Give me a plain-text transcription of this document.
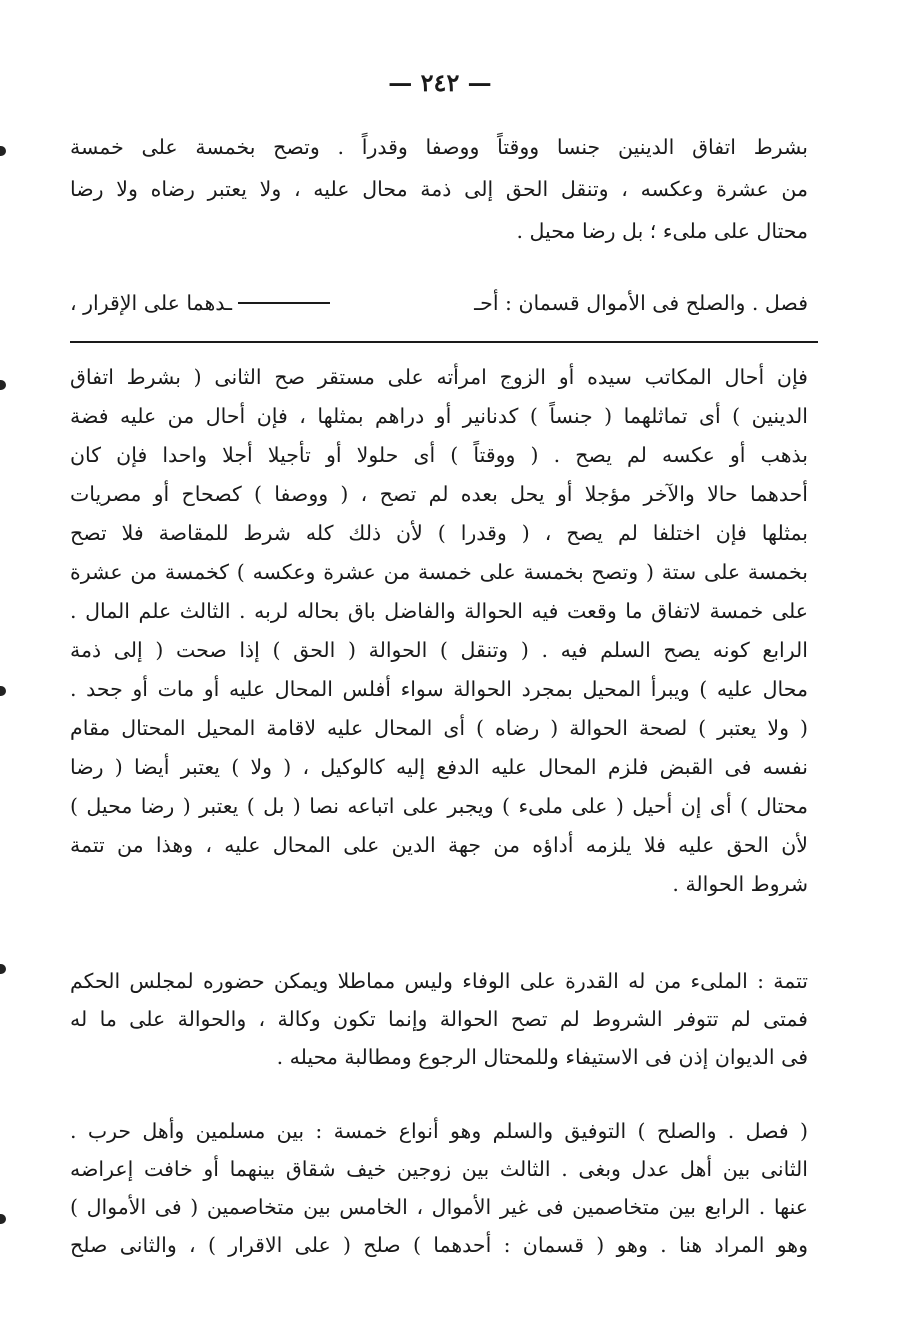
— ٢٤٢ —
بشرط اتفاق الدينين جنسا ووقتاً ووصفا وقدراً . وتصح بخمسة على خمسة
من عشرة وعكسه ، وتنقل الحق إلى ذمة محال عليه ، ولا يعتبر رضاه ولا رضا
محتال على ملىء ؛ بل رضا محيل .
فصل . والصلح فى الأموال قسمان : أحـ
ـدهما على الإقرار ،
فإن أحال المكاتب سيده أو الزوج امرأته على مستقر صح الثانى ( بشرط اتفاق
الدينين ) أى تماثلهما ( جنساً ) كدنانير أو دراهم بمثلها ، فإن أحال من عليه فضة
بذهب أو عكسه لم يصح . ( ووقتاً ) أى حلولا أو تأجيلا أجلا واحدا فإن كان
أحدهما حالا والآخر مؤجلا أو يحل بعده لم تصح ، ( ووصفا ) كصحاح أو مصريات
بمثلها فإن اختلفا لم يصح ، ( وقدرا ) لأن ذلك كله شرط للمقاصة فلا تصح
بخمسة على ستة ( وتصح بخمسة على خمسة من عشرة وعكسه ) كخمسة من عشرة
على خمسة لاتفاق ما وقعت فيه الحوالة والفاضل باق بحاله لربه . الثالث علم المال .
الرابع كونه يصح السلم فيه . ( وتنقل ) الحوالة ( الحق ) إذا صحت ( إلى ذمة
محال عليه ) ويبرأ المحيل بمجرد الحوالة سواء أفلس المحال عليه أو مات أو جحد .
( ولا يعتبر ) لصحة الحوالة ( رضاه ) أى المحال عليه لاقامة المحيل المحتال مقام
نفسه فى القبض فلزم المحال عليه الدفع إليه كالوكيل ، ( ولا ) يعتبر أيضا ( رضا
محتال ) أى إن أحيل ( على ملىء ) ويجبر على اتباعه نصا ( بل ) يعتبر ( رضا محيل )
لأن الحق عليه فلا يلزمه أداؤه من جهة الدين على المحال عليه ، وهذا من تتمة
شروط الحوالة .
تتمة : الملىء من له القدرة على الوفاء وليس مماطلا ويمكن حضوره لمجلس الحكم
فمتى لم تتوفر الشروط لم تصح الحوالة وإنما تكون وكالة ، والحوالة على ما له
فى الديوان إذن فى الاستيفاء وللمحتال الرجوع ومطالبة محيله .
( فصل . والصلح ) التوفيق والسلم وهو أنواع خمسة : بين مسلمين وأهل حرب .
الثانى بين أهل عدل وبغى . الثالث بين زوجين خيف شقاق بينهما أو خافت إعراضه
عنها . الرابع بين متخاصمين فى غير الأموال ، الخامس بين متخاصمين ( فى الأموال )
وهو المراد هنا . وهو ( قسمان : أحدهما ) صلح ( على الاقرار ) ، والثانى صلح
